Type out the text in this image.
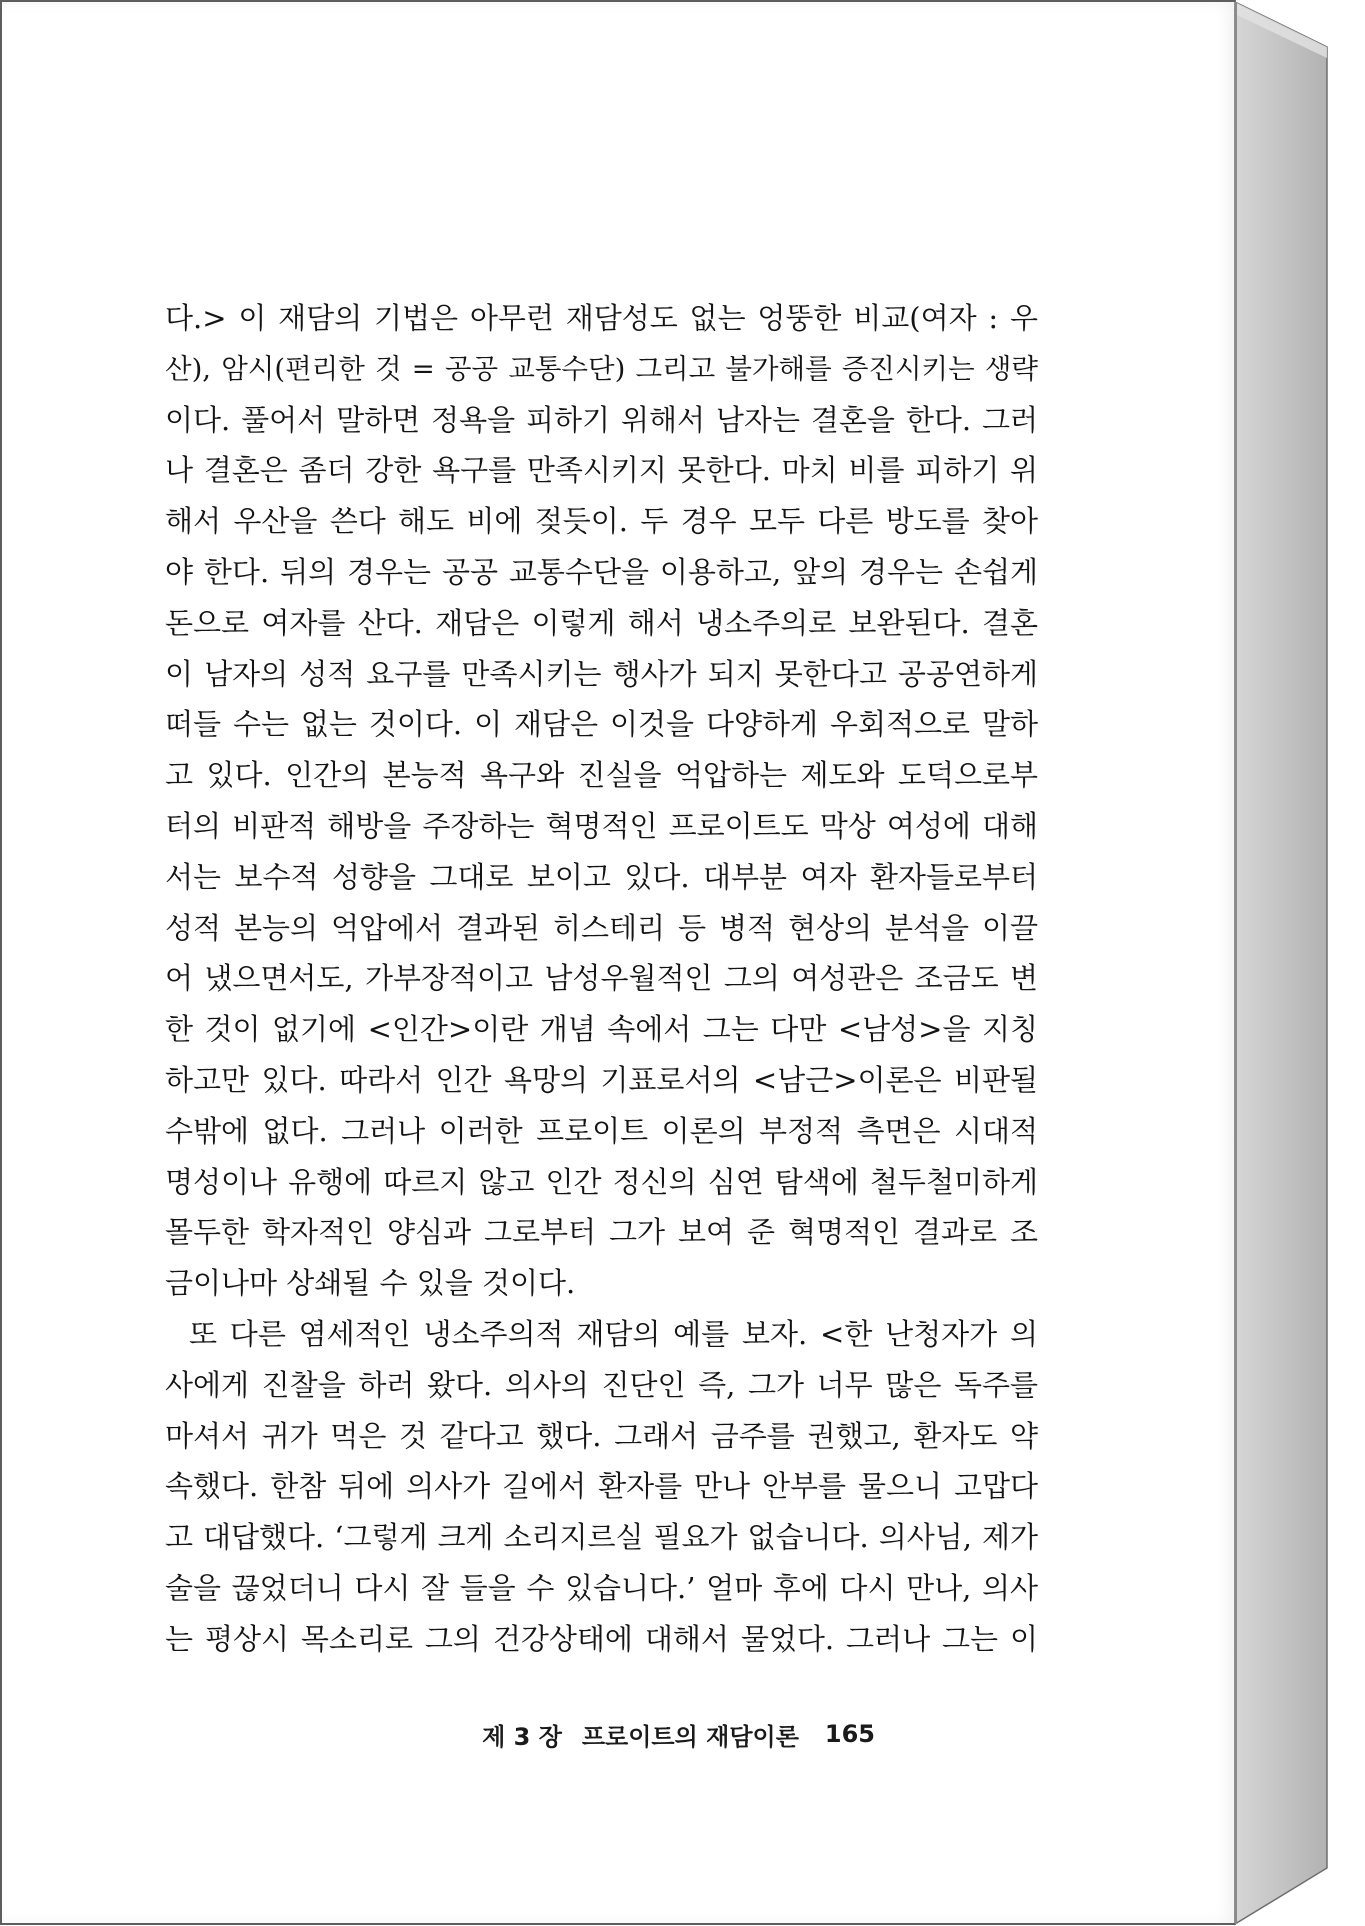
다.> 이 재담의 기법은 아무런 재담성도 없는 엉뚱한 비교(여자 : 우
산), 암시(편리한 것 = 공공 교통수단) 그리고 불가해를 증진시키는 생략
이다. 풀어서 말하면 정욕을 피하기 위해서 남자는 결혼을 한다. 그러
나 결혼은 좀더 강한 욕구를 만족시키지 못한다. 마치 비를 피하기 위
해서 우산을 쓴다 해도 비에 젖듯이. 두 경우 모두 다른 방도를 찾아
야 한다. 뒤의 경우는 공공 교통수단을 이용하고, 앞의 경우는 손쉽게
돈으로 여자를 산다. 재담은 이렇게 해서 냉소주의로 보완된다. 결혼
이 남자의 성적 요구를 만족시키는 행사가 되지 못한다고 공공연하게
떠들 수는 없는 것이다. 이 재담은 이것을 다양하게 우회적으로 말하
고 있다. 인간의 본능적 욕구와 진실을 억압하는 제도와 도덕으로부
터의 비판적 해방을 주장하는 혁명적인 프로이트도 막상 여성에 대해
서는 보수적 성향을 그대로 보이고 있다. 대부분 여자 환자들로부터
성적 본능의 억압에서 결과된 히스테리 등 병적 현상의 분석을 이끌
어 냈으면서도, 가부장적이고 남성우월적인 그의 여성관은 조금도 변
한 것이 없기에 <인간>이란 개념 속에서 그는 다만 <남성>을 지칭
하고만 있다. 따라서 인간 욕망의 기표로서의 <남근>이론은 비판될
수밖에 없다. 그러나 이러한 프로이트 이론의 부정적 측면은 시대적
명성이나 유행에 따르지 않고 인간 정신의 심연 탐색에 철두철미하게
몰두한 학자적인 양심과 그로부터 그가 보여 준 혁명적인 결과로 조
금이나마 상쇄될 수 있을 것이다.
또 다른 염세적인 냉소주의적 재담의 예를 보자. <한 난청자가 의
사에게 진찰을 하러 왔다. 의사의 진단인 즉, 그가 너무 많은 독주를
마셔서 귀가 먹은 것 같다고 했다. 그래서 금주를 권했고, 환자도 약
속했다. 한참 뒤에 의사가 길에서 환자를 만나 안부를 물으니 고맙다
고 대답했다. ‘그렇게 크게 소리지르실 필요가 없습니다. 의사님, 제가
술을 끊었더니 다시 잘 들을 수 있습니다.’ 얼마 후에 다시 만나, 의사
는 평상시 목소리로 그의 건강상태에 대해서 물었다. 그러나 그는 이
제 3 장 프로이트의 재담이론 165
